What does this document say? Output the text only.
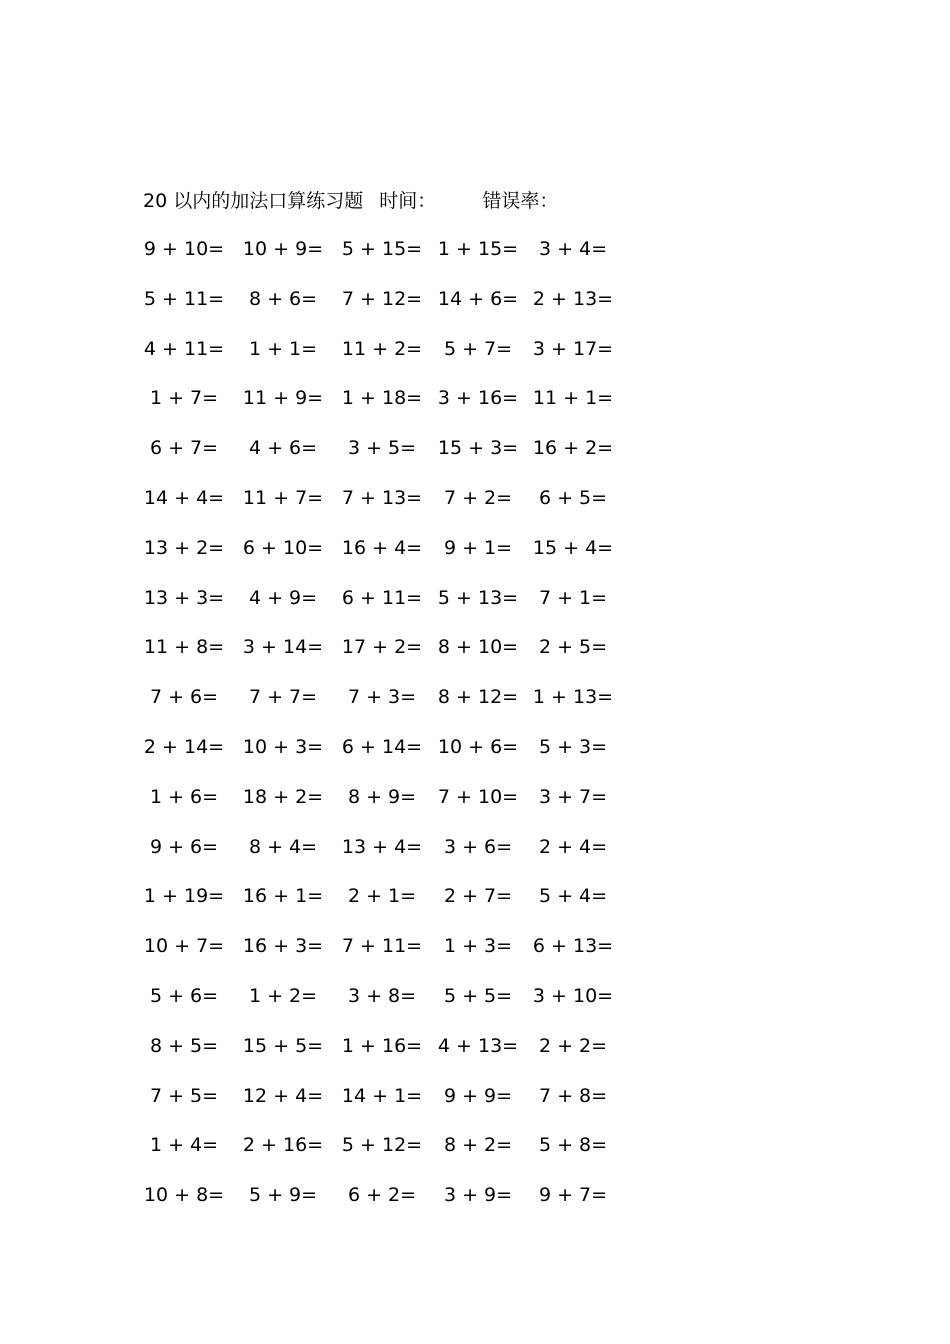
20 以内的加法口算练习题 时间： 错误率：
9 + 10= 10 + 9= 5 + 15= 1 + 15= 3 + 4=
5 + 11= 8 + 6= 7 + 12= 14 + 6= 2 + 13=
4 + 11= 1 + 1= 11 + 2= 5 + 7= 3 + 17=
1 + 7= 11 + 9= 1 + 18= 3 + 16= 11 + 1=
6 + 7= 4 + 6= 3 + 5= 15 + 3= 16 + 2=
14 + 4= 11 + 7= 7 + 13= 7 + 2= 6 + 5=
13 + 2= 6 + 10= 16 + 4= 9 + 1= 15 + 4=
13 + 3= 4 + 9= 6 + 11= 5 + 13= 7 + 1=
11 + 8= 3 + 14= 17 + 2= 8 + 10= 2 + 5=
7 + 6= 7 + 7= 7 + 3= 8 + 12= 1 + 13=
2 + 14= 10 + 3= 6 + 14= 10 + 6= 5 + 3=
1 + 6= 18 + 2= 8 + 9= 7 + 10= 3 + 7=
9 + 6= 8 + 4= 13 + 4= 3 + 6= 2 + 4=
1 + 19= 16 + 1= 2 + 1= 2 + 7= 5 + 4=
10 + 7= 16 + 3= 7 + 11= 1 + 3= 6 + 13=
5 + 6= 1 + 2= 3 + 8= 5 + 5= 3 + 10=
8 + 5= 15 + 5= 1 + 16= 4 + 13= 2 + 2=
7 + 5= 12 + 4= 14 + 1= 9 + 9= 7 + 8=
1 + 4= 2 + 16= 5 + 12= 8 + 2= 5 + 8=
10 + 8= 5 + 9= 6 + 2= 3 + 9= 9 + 7=
